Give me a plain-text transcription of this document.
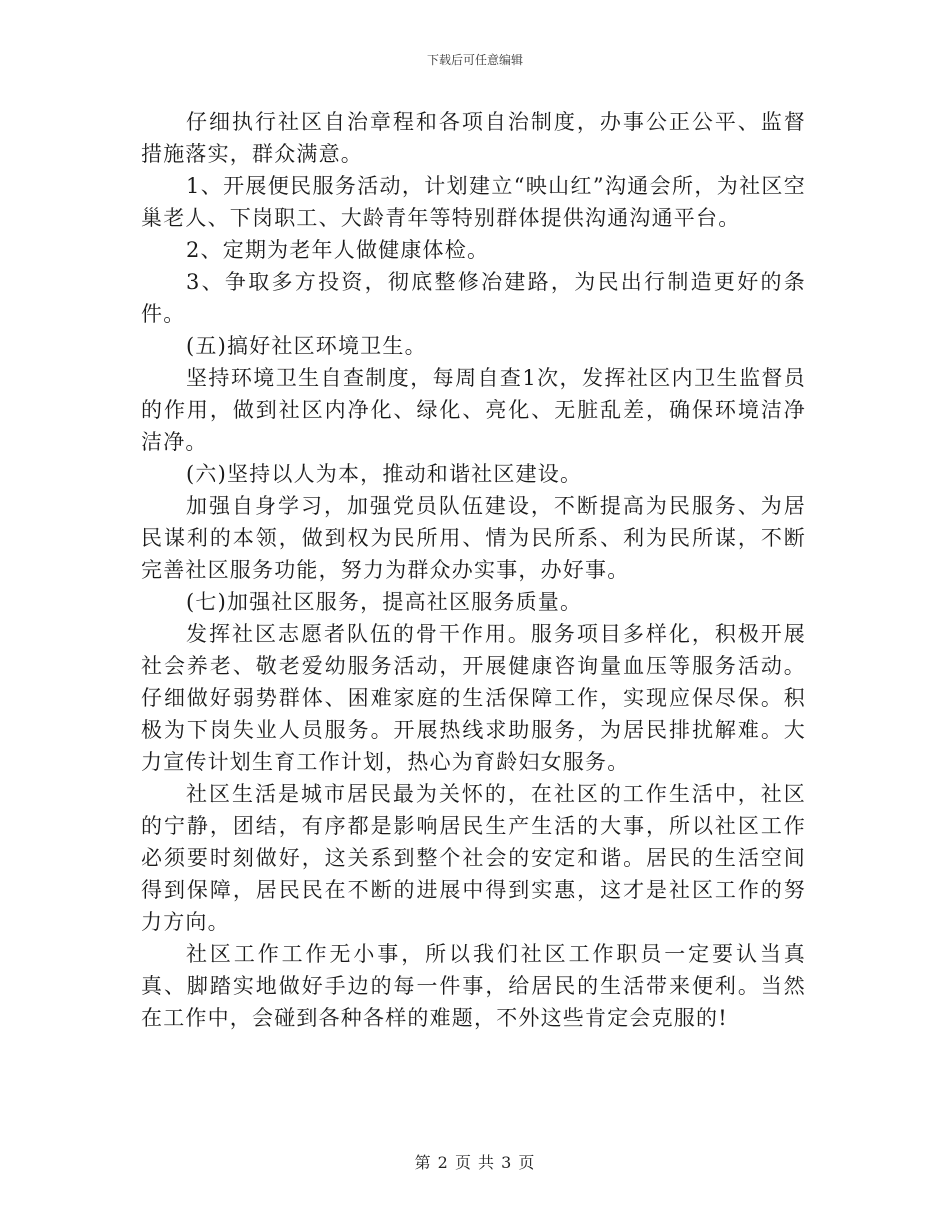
下载后可任意编辑

仔细执行社区自治章程和各项自治制度，办事公正公平、监督措施落实，群众满意。

1、开展便民服务活动，计划建立“映山红”沟通会所，为社区空巢老人、下岗职工、大龄青年等特别群体提供沟通沟通平台。

2、定期为老年人做健康体检。

3、争取多方投资，彻底整修冶建路，为民出行制造更好的条件。

(五)搞好社区环境卫生。

坚持环境卫生自查制度，每周自查1次，发挥社区内卫生监督员的作用，做到社区内净化、绿化、亮化、无脏乱差，确保环境洁净洁净。

(六)坚持以人为本，推动和谐社区建设。

加强自身学习，加强党员队伍建设，不断提高为民服务、为居民谋利的本领，做到权为民所用、情为民所系、利为民所谋，不断完善社区服务功能，努力为群众办实事，办好事。

(七)加强社区服务，提高社区服务质量。

发挥社区志愿者队伍的骨干作用。服务项目多样化，积极开展社会养老、敬老爱幼服务活动，开展健康咨询量血压等服务活动。仔细做好弱势群体、困难家庭的生活保障工作，实现应保尽保。积极为下岗失业人员服务。开展热线求助服务，为居民排扰解难。大力宣传计划生育工作计划，热心为育龄妇女服务。

社区生活是城市居民最为关怀的，在社区的工作生活中，社区的宁静，团结，有序都是影响居民生产生活的大事，所以社区工作必须要时刻做好，这关系到整个社会的安定和谐。居民的生活空间得到保障，居民民在不断的进展中得到实惠，这才是社区工作的努力方向。

社区工作工作无小事，所以我们社区工作职员一定要认当真真、脚踏实地做好手边的每一件事，给居民的生活带来便利。当然在工作中，会碰到各种各样的难题，不外这些肯定会克服的!

第 2 页 共 3 页
